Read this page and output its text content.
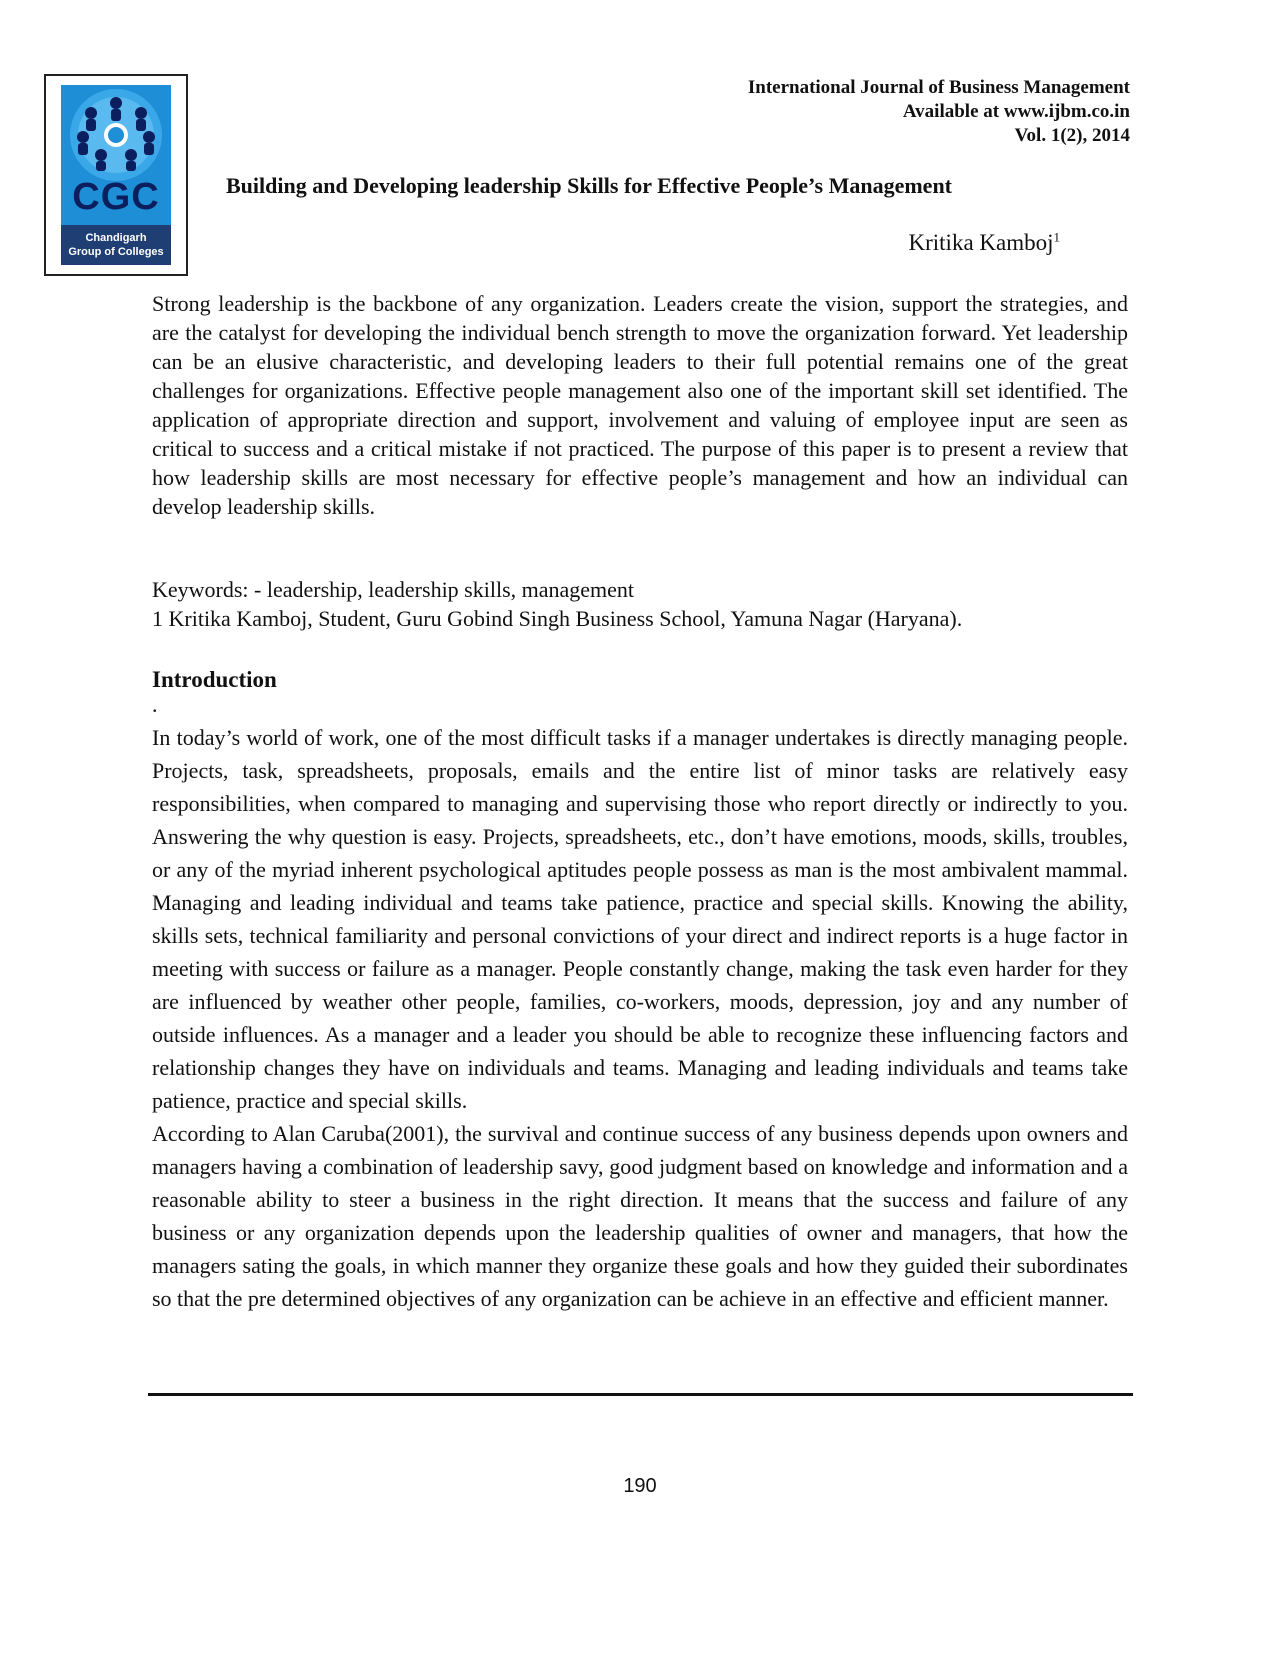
CGC
Chandigarh
Group of Colleges
International Journal of Business Management
Available at www.ijbm.co.in
Vol. 1(2), 2014
Building and Developing leadership Skills for Effective People’s Management
Kritika Kamboj$^1$

Strong leadership is the backbone of any organization. Leaders create the vision, support the strategies, and are the catalyst for developing the individual bench strength to move the organization forward. Yet leadership can be an elusive characteristic, and developing leaders to their full potential remains one of the great challenges for organizations. Effective people management also one of the important skill set identified. The application of appropriate direction and support, involvement and valuing of employee input are seen as critical to success and a critical mistake if not practiced. The purpose of this paper is to present a review that how leadership skills are most necessary for effective people’s management and how an individual can develop leadership skills.

Keywords: - leadership, leadership skills, management

1 Kritika Kamboj, Student, Guru Gobind Singh Business School, Yamuna Nagar (Haryana).

Introduction
.

In today’s world of work, one of the most difficult tasks if a manager undertakes is directly managing people. Projects, task, spreadsheets, proposals, emails and the entire list of minor tasks are relatively easy responsibilities, when compared to managing and supervising those who report directly or indirectly to you. Answering the why question is easy. Projects, spreadsheets, etc., don’t have emotions, moods, skills, troubles, or any of the myriad inherent psychological aptitudes people possess as man is the most ambivalent mammal. Managing and leading individual and teams take patience, practice and special skills. Knowing the ability, skills sets, technical familiarity and personal convictions of your direct and indirect reports is a huge factor in meeting with success or failure as a manager. People constantly change, making the task even harder for they are influenced by weather other people, families, co-workers, moods, depression, joy and any number of outside influences. As a manager and a leader you should be able to recognize these influencing factors and relationship changes they have on individuals and teams. Managing and leading individuals and teams take patience, practice and special skills.

According to Alan Caruba(2001), the survival and continue success of any business depends upon owners and managers having a combination of leadership savy, good judgment based on knowledge and information and a reasonable ability to steer a business in the right direction. It means that the success and failure of any business or any organization depends upon the leadership qualities of owner and managers, that how the managers sating the goals, in which manner they organize these goals and how they guided their subordinates so that the pre determined objectives of any organization can be achieve in an effective and efficient manner.

190
